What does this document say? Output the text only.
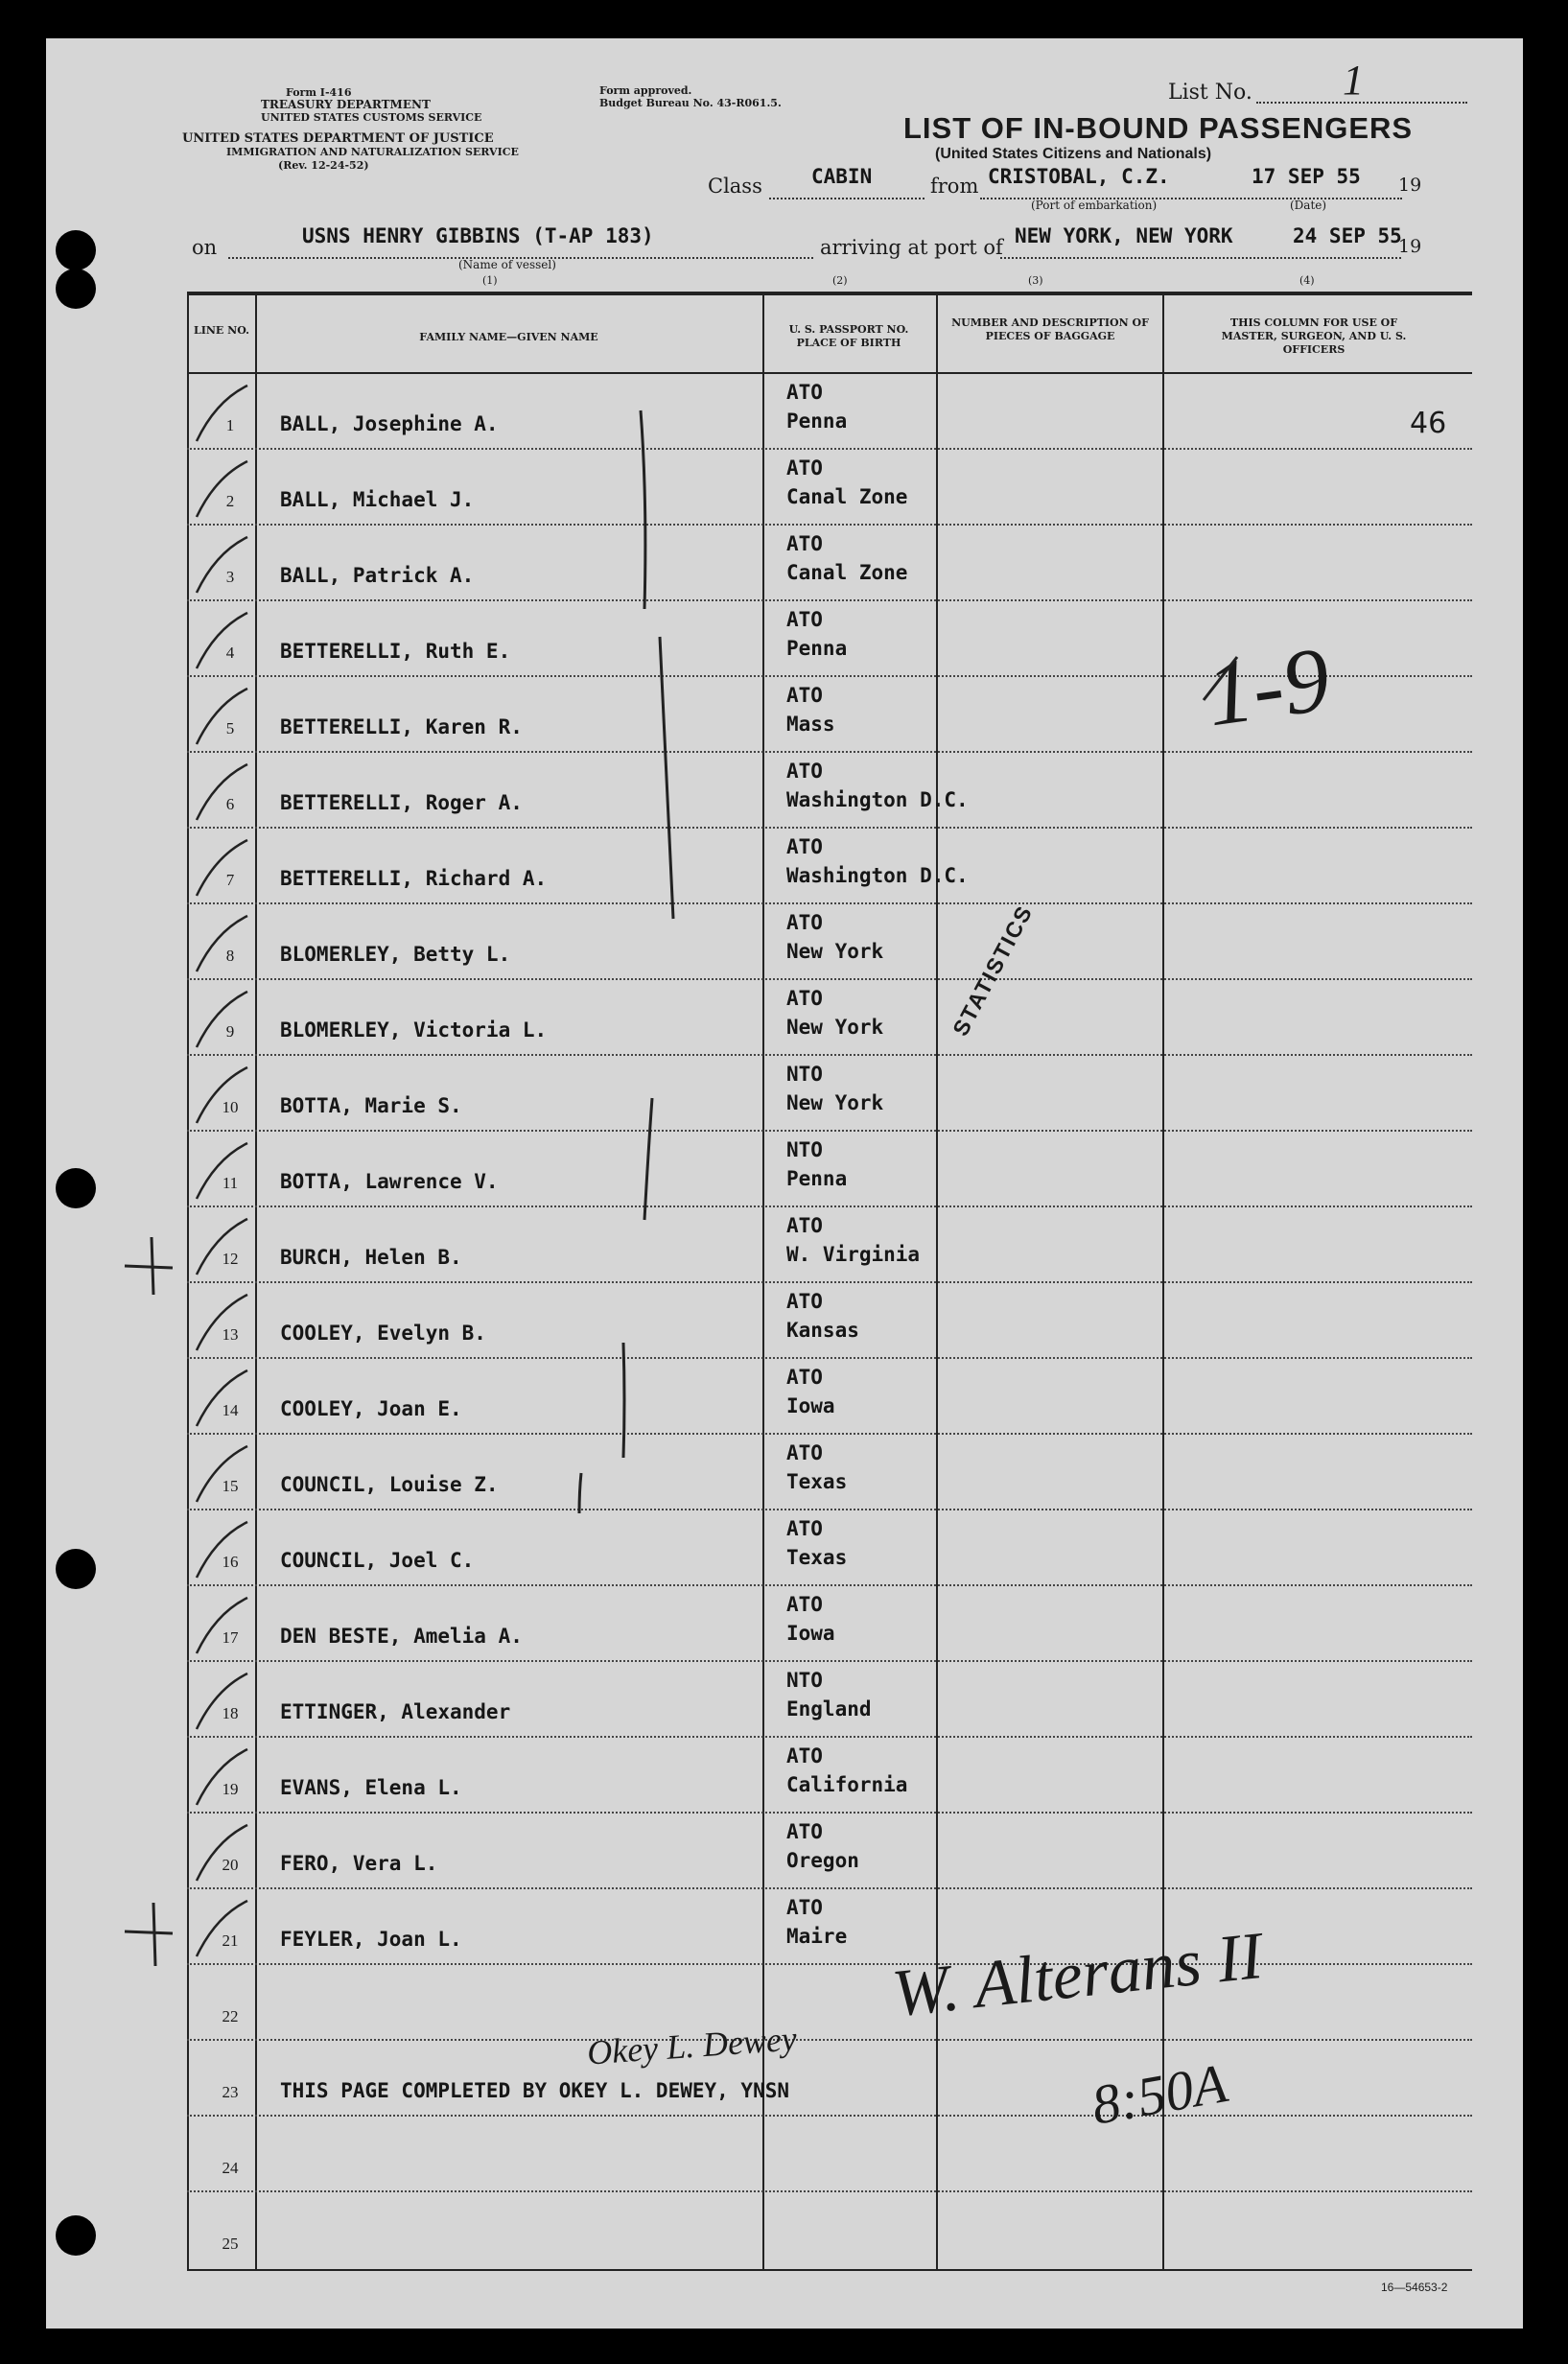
Form I-416
TREASURY DEPARTMENT
UNITED STATES CUSTOMS SERVICE
UNITED STATES DEPARTMENT OF JUSTICE
IMMIGRATION AND NATURALIZATION SERVICE
(Rev. 12-24-52)
Form approved.
Budget Bureau No. 43-R061.5.	List No. 1
LIST OF IN-BOUND PASSENGERS
(United States Citizens and Nationals)
Class CABIN	from CRISTOBAL, C.Z.	17 SEP 55 19
(Port of embarkation)	(Date)
on	USNS HENRY GIBBINS (T-AP 183)	arriving at port of NEW YORK, NEW YORK	24 SEP 55
19
(Name of vessel)
(1)	(2)	(3)	(4)
LINE NO.
FAMILY NAME—GIVEN NAME
U. S. PASSPORT NO. PLACE OF BIRTH
NUMBER AND DESCRIPTION OF PIECES OF BAGGAGE
THIS COLUMN FOR USE OF MASTER, SURGEON, AND U. S. OFFICERS
1	BALL, Josephine A.
ATO
Penna
2	BALL, Michael J.
ATO
Canal Zone
3	BALL, Patrick A.
ATO
Canal Zone
4	BETTERELLI, Ruth E.
ATO
Penna
5	BETTERELLI, Karen R.
ATO
Mass
6	BETTERELLI, Roger A.
ATO
Washington D.C.
7	BETTERELLI, Richard A.
ATO
Washington D.C.
8	BLOMERLEY, Betty L.
ATO
New York
9	BLOMERLEY, Victoria L.
ATO
New York
10	BOTTA, Marie S.
NTO
New York
11	BOTTA, Lawrence V.
NTO
Penna
12	BURCH, Helen B.
ATO
W. Virginia
13	COOLEY, Evelyn B.
ATO
Kansas
14	COOLEY, Joan E.
ATO
Iowa
15	COUNCIL, Louise Z.
ATO
Texas
16	COUNCIL, Joel C.
ATO
Texas
17	DEN BESTE, Amelia A.
ATO
Iowa
18	ETTINGER, Alexander
NTO
England
19	EVANS, Elena L.
ATO
California
20	FERO, Vera L.
ATO
Oregon
21	FEYLER, Joan L.
ATO
Maire
22
23	THIS PAGE COMPLETED BY OKEY L. DEWEY, YNSN
24
25
46
1-9
STATISTICS
Okey L. Dewey
W. Alterans II
8:50A
16—54653-2
